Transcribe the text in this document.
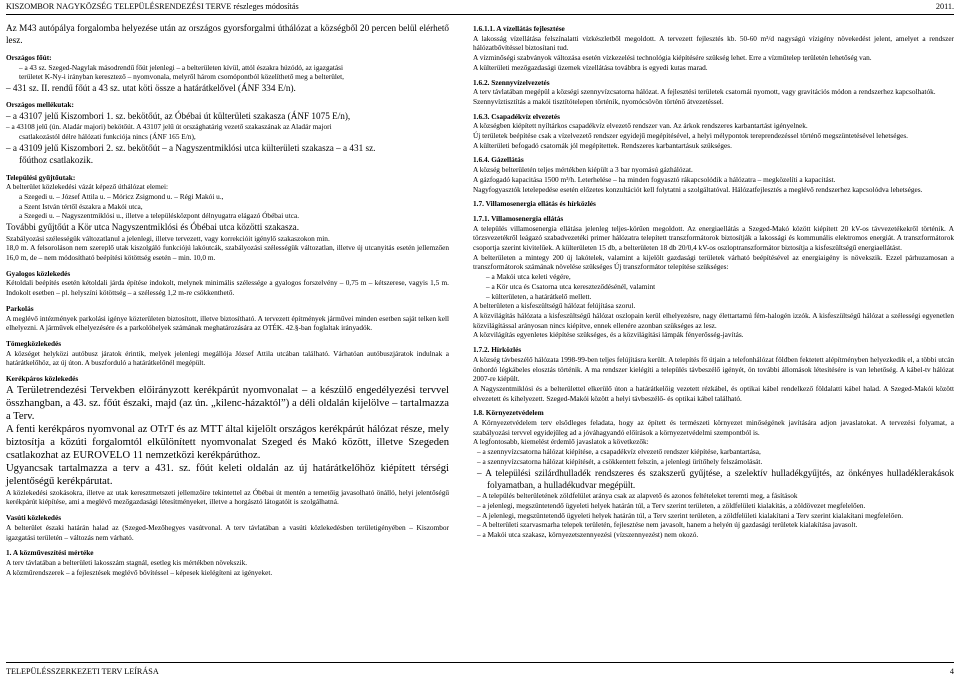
KISZOMBOR NAGYKÖZSÉG TELEPÜLÉSRENDEZÉSI TERVE részleges módosítás	2011.

Az M43 autópálya forgalomba helyezése után az országos gyorsforgalmi úthálózat a községből 20 percen belül elérhető lesz.

Országos főút:

– a 43 sz. Szeged-Nagylak másodrendű főút jelenlegi – a belterületen kívül, attól északra húzódó, az igazgatási

területet K-Ny-i irányban keresztező – nyomvonala, melyről három csomópontból közelíthető meg a belterület,

– 431 sz. II. rendű főút a 43 sz. utat köti össze a határátkelővel (ÁNF 334 E/n).

Országos mellékutak:

– a 43107 jelű Kiszombori 1. sz. bekötőút, az Óbébai út külterületi szakasza (ÁNF 1075 E/n),

– a 43108 jelű (ún. Aladár majori) bekötőút. A 43107 jelű út országhatárig vezető szakaszának az Aladár majori

csatlakozástól délre hálózati funkciója nincs (ÁNF 165 E/n),

– a 43109 jelű Kiszombori 2. sz. bekötőút – a Nagyszentmiklósi utca külterületi szakasza – a 431 sz.

főúthoz csatlakozik.

Települési gyűjtőutak:

A belterület közlekedési vázát képező úthálózat elemei:

a Szegedi u. – József Attila u. – Móricz Zsigmond u. – Régi Makói u.,

a Szent István tértől északra a Makói utca,

a Szegedi u. – Nagyszentmiklósi u., illetve a településközpont délnyugatra elágazó Óbébai utca.

További gyűjtőút a Kör utca Nagyszentmiklósi és Óbébai utca közötti szakasza.

Szabályozási szélességük változatlanul a jelenlegi, illetve tervezett, vagy korrekcióit igénylő szakaszokon min.

18,0 m. A felsoroláson nem szereplő utak kiszolgáló funkciójú lakóutcák, szabályozási szélességük változatlan, illetve új utcanyitás esetén jellemzően 16,0 m, de – nem módosítható beépítési kötöttség esetén – min. 10,0 m.

Gyalogos közlekedés

Kétoldali beépítés esetén kétoldali járda építése indokolt, melynek minimális szélessége a gyalogos forszelvény – 0,75 m – kétszerese, vagyis 1,5 m. Indokolt esetben – pl. helyszíni kötöttség – a szélesség 1,2 m-re csökkenthető.

Parkolás

A meglévő intézmények parkolási igénye közterületen biztosított, illetve biztosítható. A tervezett építmények járművei minden esetben saját telken kell elhelyezni. A járművek elhelyezésére és a parkolóhelyek számának meghatározására az OTÉK. 42.§-ban foglaltak irányadók.

Tömegközlekedés

A községet helyközi autóbusz járatok érintik, melyek jelenlegi megállója József Attila utcában található. Várhatóan autóbuszjáratok indulnak a határátkelőhöz, az új úton. A buszforduló a határátkelőnél megépült.

Kerékpáros közlekedés

A Területrendezési Tervekben előirányzott kerékpárút nyomvonalat – a készülő engedélyezési tervvel összhangban, a 43. sz. főút északi, majd (az ún. „kilenc-házaktól”) a déli oldalán kijelölve – tartalmazza a Terv.

A fenti kerékpáros nyomvonal az OTrT és az MTT által kijelölt országos kerékpárút hálózat része, mely biztosítja a közúti forgalomtól elkülönített nyomvonalat Szeged és Makó között, illetve Szegeden csatlakozhat az EUROVELO 11 nemzetközi kerékpárúthoz.

Ugyancsak tartalmazza a terv a 431. sz. főút keleti oldalán az új határátkelőhöz kiépített térségi jelentőségű kerékpárutat.

A közlekedési szokásokra, illetve az utak keresztmetszeti jellemzőire tekintettel az Óbébai út mentén a temetőig javasolható önálló, helyi jelentőségű kerékpárút kiépítése, ami a meglévő mezőgazdasági létesítményeket, illetve a horgásztó látogatóit is szolgálhatná.

Vasúti közlekedés

A belterület északi határán halad az (Szeged-Mezőhegyes vasútvonal. A terv távlatában a vasúti közlekedésben területigényében – Kiszombor igazgatási területén – változás nem várható.

1. A közműveszítési mértéke

A terv távlatában a belterületi lakosszám stagnál, esetleg kis mértékben növekszik.

A közműrendszerek – a fejlesztések meglévő bővítéssel – képesek kielégíteni az igényeket.

1.6.1.1. A vízellátás fejlesztése

A lakosság vízellátása felszínalatti vízkészletből megoldott. A tervezett fejlesztés kb. 50-60 m³/d nagyságú vízigény növekedést jelent, amelyet a rendszer hálózatbővítéssel biztosítani tud.

A vízminőségi szabványok változása esetén vízkezelési technológia kiépítésére szükség lehet. Erre a vízműtelep területén lehetőség van.

A külterületi mezőgazdasági üzemek vízellátása továbbra is egyedi kutas marad.

1.6.2. Szennyvízelvezetés

A terv távlatában megépül a községi szennyvízcsatorna hálózat. A fejlesztési területek csatornái nyomott, vagy gravitációs módon a rendszerhez kapcsolhatók.

Szennyvíztisztítás a makói tisztítótelepen történik, nyomócsövön történő átvezetéssel.

1.6.3. Csapadékvíz elvezetés

A községben kiépített nyíltárkos csapadékvíz elvezető rendszer van. Az árkok rendszeres karbantartást igényelnek.

Új területek beépítése csak a vízelvezető rendszer egyidejű megépítésével, a helyi mélypontok tereprendezéssel történő megszüntetésével lehetséges.

A külterületi befogadó csatornák jól megépítettek. Rendszeres karbantartásuk szükséges.

1.6.4. Gázellátás

A község belterületén teljes mértékben kiépült a 3 bar nyomású gázhálózat.

A gázfogadó kapacitása 1500 m³/h. Leterhelése – ha minden fogyasztó rákapcsolódik a hálózatra – megközelíti a kapacitást.

Nagyfogyasztók letelepedése esetén előzetes konzultációt kell folytatni a szolgáltatóval. Hálózatfejlesztés a meglévő rendszerhez kapcsolódva lehetséges.

1.7. Villamosenergia ellátás és hírközlés

1.7.1. Villamosenergia ellátás

A település villamosenergia ellátása jelenleg teljes-körűen megoldott. Az energiaellátás a Szeged-Makó között kiépített 20 kV-os távvezetékekről történik. A törzsvezetékről leágazó szabadvezetéki primer hálózatra telepített transzformátorok biztosítják a lakossági és kommunális elektromos energiát. A transzformátorok csoportja szerint kivitelűek. A külterületen 15 db, a belterületen 18 db 20/0,4 kV-os oszloptranszformátor biztosítja a kisfeszültségű energiaellátást.

A belterületen a mintegy 200 új lakótelek, valamint a kijelölt gazdasági területek várható beépítésével az energiaigény is növekszik. Ezzel párhuzamosan a transzformátorok számának növelése szükséges Új transzformátor telepítése szükséges:

– a Makói utca keleti végére,

– a Kör utca és Csatorna utca kereszteződésénél, valamint

– külterületen, a határátkelő mellett.

A belterületen a kisfeszültségű hálózat felújítása szorul.

A közvilágítás hálózata a kisfeszültségű hálózat oszlopain kerül elhelyezésre, nagy élettartamú fém-halogén izzók. A kisfeszültségű hálózat a szélességi egyenetlen közvilágítással arányosan nincs kiépítve, ennek ellenére azonban szükséges az lesz.

A közvilágítás egyenletes kiépítése szükséges, és a közvilágítási lámpák fényerősség-javítás.

1.7.2. Hírközlés

A község távbeszélő hálózata 1998-99-ben teljes felújításra került. A telepítés fő útjain a telefonhálózat földben fektetett alépítményben helyezkedik el, a többi utcán önhordó légkábeles elosztás történik. A ma rendszer kielégíti a település távbeszélő igényét, ön további állomások létesítésére is van lehetőség. A kábel-tv hálózat 2007-re kiépült.

A Nagyszentmiklósi és a belterülettel elkerülő úton a határátkelőig vezetett rézkábel, és optikai kábel rendelkező földalatti kábel halad. A Szeged-Makói között elvezetett és kihelyezett. Szeged-Makói között a helyi távbeszélő- és optikai kábel található.

1.8. Környezetvédelem

A Környezetvédelem terv elsődleges feladata, hogy az épített és természeti környezet minőségének javítására adjon javaslatokat. A tervezési folyamat, a szabályozási tervvel egyidejűleg ad a jóváhagyandó előírások a környezetvédelmi szempontból is.

A legfontosabb, kiemelést érdemlő javaslatok a következők:

– a szennyvízcsatorna hálózat kiépítése, a csapadékvíz elvezető rendszer kiépítése, karbantartása,

– a szennyvízcsatorna hálózat kiépítését, a csökkentett felszín, a jelenlegi ürítőhely felszámolását.

– A települési szilárdhulladék rendszeres és szakszerű gyűjtése, a szelektív hulladékgyűjtés, az önkényes hulladéklerakások folyamatban, a hulladékudvar megépült.

– A település belterületének zöldfelület aránya csak az alapvető és azonos feltételeket teremti meg, a fásítások

– a jelenlegi, megszüntetendő ügyeleti helyek határán túl, a Terv szerint területen, a zöldfelületi kialakítás, a zöldövezet megfelelően.

– A jelenlegi, megszüntetendő ügyeleti helyek határán túl, a Terv szerint területen, a zöldfelületi kialakítani a Terv szerint kialakítani megfelelően.

– A belterületi szarvasmarha telepek területén, fejlesztése nem javasolt, hanem a helyén új gazdasági területek kialakítása javasolt.

– a Makói utca szakasz, környezetszennyezési (vízszennyezést) nem okozó.

TELEPÜLÉSSZERKEZETI TERV LEÍRÁSA	4
